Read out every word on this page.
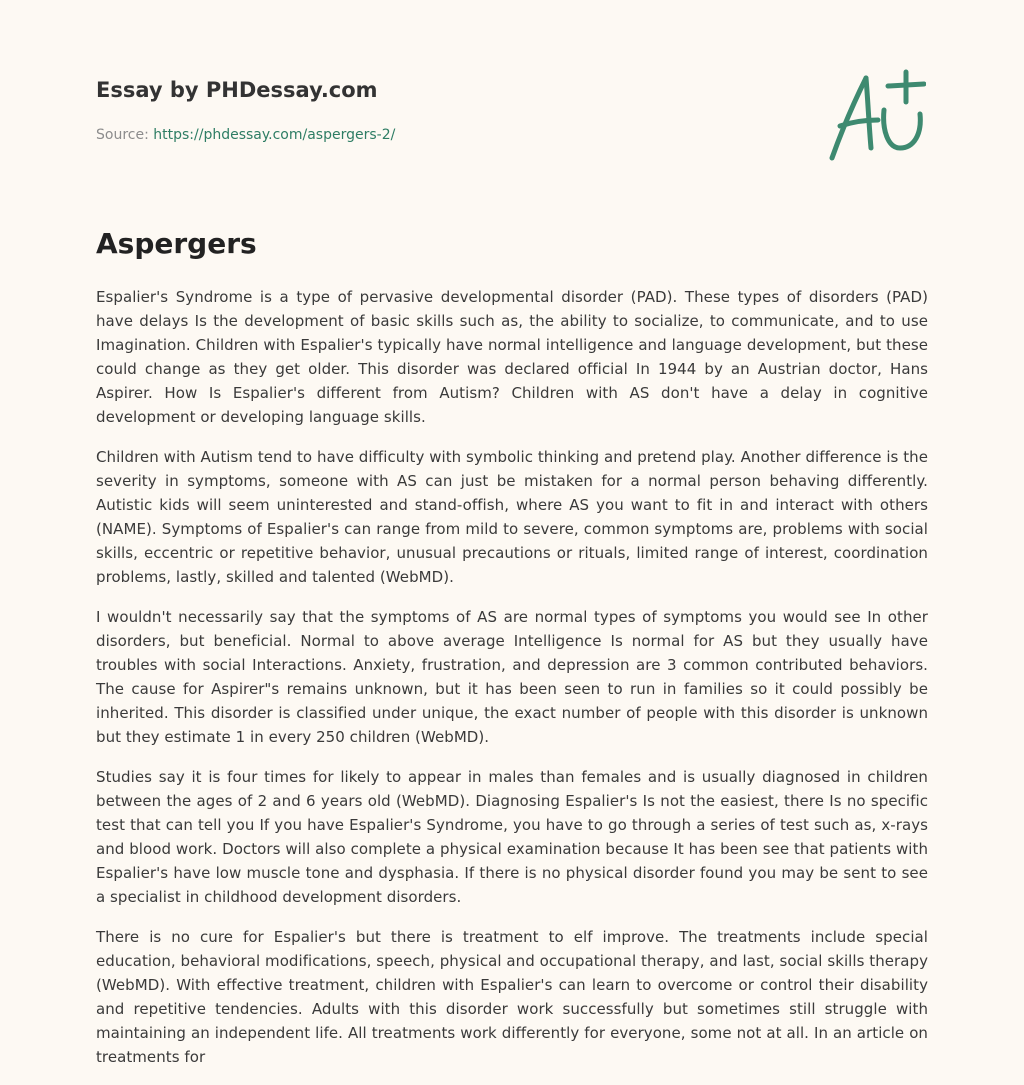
Essay by PHDessay.com
Source: https://phdessay.com/aspergers-2/
Aspergers

Espalier's Syndrome is a type of pervasive developmental disorder (PAD). These types of disorders (PAD) have delays Is the development of basic skills such as, the ability to socialize, to communicate, and to use Imagination. Children with Espalier's typically have normal intelligence and language development, but these could change as they get older. This disorder was declared official In 1944 by an Austrian doctor, Hans Aspirer. How Is Espalier's different from Autism? Children with AS don't have a delay in cognitive development or developing language skills.

Children with Autism tend to have difficulty with symbolic thinking and pretend play. Another difference is the severity in symptoms, someone with AS can just be mistaken for a normal person behaving differently. Autistic kids will seem uninterested and stand-offish, where AS you want to fit in and interact with others (NAME). Symptoms of Espalier's can range from mild to severe, common symptoms are, problems with social skills, eccentric or repetitive behavior, unusual precautions or rituals, limited range of interest, coordination problems, lastly, skilled and talented (WebMD).

I wouldn't necessarily say that the symptoms of AS are normal types of symptoms you would see In other disorders, but beneficial. Normal to above average Intelligence Is normal for AS but they usually have troubles with social Interactions. Anxiety, frustration, and depression are 3 common contributed behaviors. The cause for Aspirer"s remains unknown, but it has been seen to run in families so it could possibly be inherited. This disorder is classified under unique, the exact number of people with this disorder is unknown but they estimate 1 in every 250 children (WebMD).

Studies say it is four times for likely to appear in males than females and is usually diagnosed in children between the ages of 2 and 6 years old (WebMD). Diagnosing Espalier's Is not the easiest, there Is no specific test that can tell you If you have Espalier's Syndrome, you have to go through a series of test such as, x-rays and blood work. Doctors will also complete a physical examination because It has been see that patients with Espalier's have low muscle tone and dysphasia. If there is no physical disorder found you may be sent to see a specialist in childhood development disorders.

There is no cure for Espalier's but there is treatment to elf improve. The treatments include special education, behavioral modifications, speech, physical and occupational therapy, and last, social skills therapy (WebMD). With effective treatment, children with Espalier's can learn to overcome or control their disability and repetitive tendencies. Adults with this disorder work successfully but sometimes still struggle with maintaining an independent life. All treatments work differently for everyone, some not at all. In an article on treatments for
